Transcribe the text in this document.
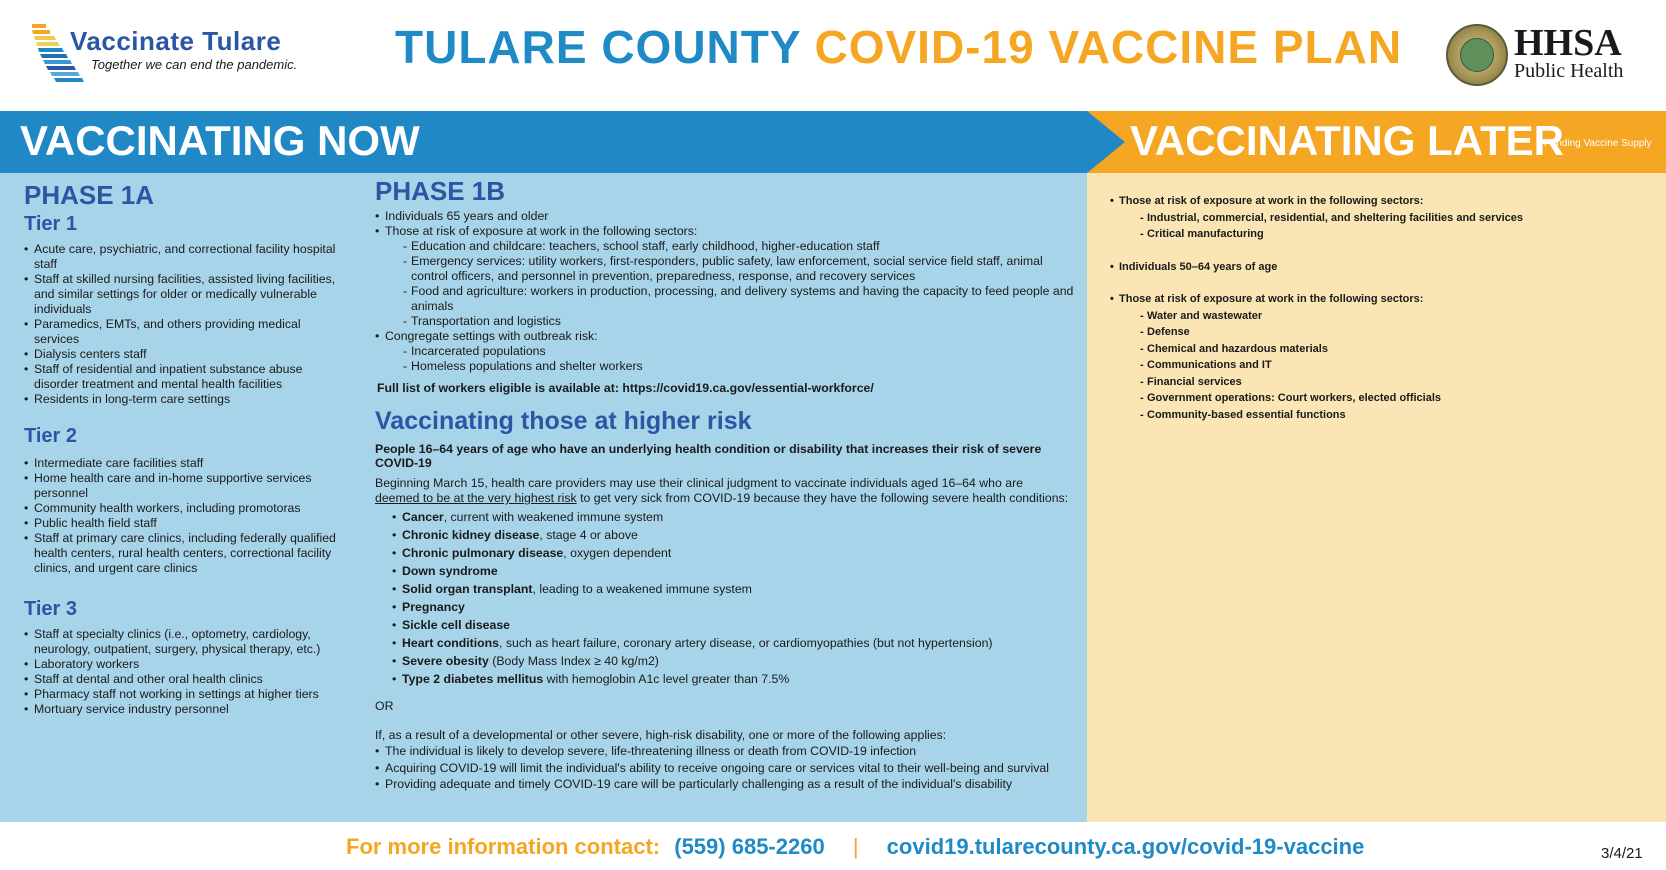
Vaccinate Tulare
Together we can end the pandemic. TULARE COUNTY COVID-19 VACCINE PLAN	HHSA
Public Health
VACCINATING NOW	VACCINATING LATER
Pending Vaccine Supply
PHASE 1A
Tier 1
• Acute care, psychiatric, and correctional facility hospital staff
• Staff at skilled nursing facilities, assisted living facilities, and similar settings for older or medically vulnerable individuals
• Paramedics, EMTs, and others providing medical services
• Dialysis centers staff
• Staff of residential and inpatient substance abuse disorder treatment and mental health facilities
• Residents in long-term care settings
Tier 2
• Intermediate care facilities staff
• Home health care and in-home supportive services personnel
• Community health workers, including promotoras
• Public health field staff
• Staff at primary care clinics, including federally qualified health centers, rural health centers, correctional facility clinics, and urgent care clinics
Tier 3
• Staff at specialty clinics (i.e., optometry, cardiology, neurology, outpatient, surgery, physical therapy, etc.)
• Laboratory workers
• Staff at dental and other oral health clinics
• Pharmacy staff not working in settings at higher tiers
• Mortuary service industry personnel
PHASE 1B
• Individuals 65 years and older
• Those at risk of exposure at work in the following sectors:
- Education and childcare: teachers, school staff, early childhood, higher-education staff
- Emergency services: utility workers, first-responders, public safety, law enforcement, social service field staff, animal control officers, and personnel in prevention, preparedness, response, and recovery services
- Food and agriculture: workers in production, processing, and delivery systems and having the capacity to feed people and animals
- Transportation and logistics
• Congregate settings with outbreak risk:
- Incarcerated populations
- Homeless populations and shelter workers
Full list of workers eligible is available at: https://covid19.ca.gov/essential-workforce/
Vaccinating those at higher risk
People 16–64 years of age who have an underlying health condition or disability that increases their risk of severe COVID-19
Beginning March 15, health care providers may use their clinical judgment to vaccinate individuals aged 16–64 who are
deemed to be at the very highest risk to get very sick from COVID-19 because they have the following severe health conditions:
• Cancer, current with weakened immune system
• Chronic kidney disease, stage 4 or above
• Chronic pulmonary disease, oxygen dependent
• Down syndrome
• Solid organ transplant, leading to a weakened immune system
• Pregnancy
• Sickle cell disease
• Heart conditions, such as heart failure, coronary artery disease, or cardiomyopathies (but not hypertension)
• Severe obesity (Body Mass Index ≥ 40 kg/m2)
• Type 2 diabetes mellitus with hemoglobin A1c level greater than 7.5%
OR
If, as a result of a developmental or other severe, high-risk disability, one or more of the following applies:
• The individual is likely to develop severe, life-threatening illness or death from COVID-19 infection
• Acquiring COVID-19 will limit the individual's ability to receive ongoing care or services vital to their well-being and survival
• Providing adequate and timely COVID-19 care will be particularly challenging as a result of the individual's disability
• Those at risk of exposure at work in the following sectors:
- Industrial, commercial, residential, and sheltering facilities and services
- Critical manufacturing
• Individuals 50–64 years of age
• Those at risk of exposure at work in the following sectors:
- Water and wastewater
- Defense
- Chemical and hazardous materials
- Communications and IT
- Financial services
- Government operations: Court workers, elected officials
- Community-based essential functions
For more information contact: (559) 685-2260 | covid19.tularecounty.ca.gov/covid-19-vaccine	3/4/21
